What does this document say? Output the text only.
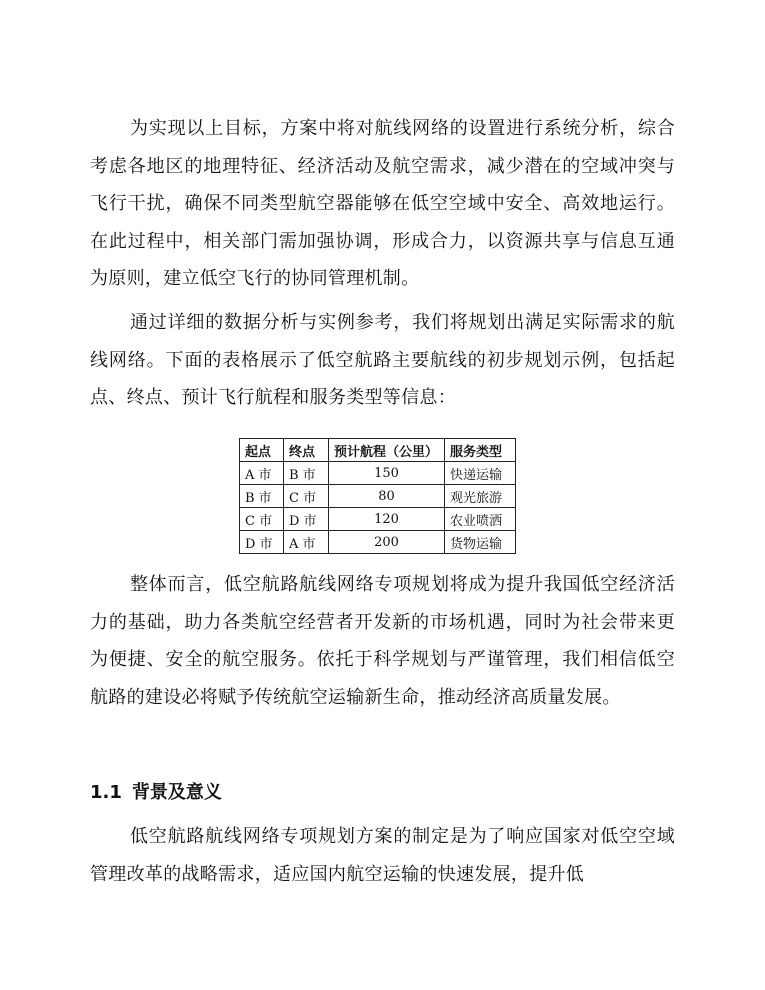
为实现以上目标，方案中将对航线网络的设置进行系统分析，综合考虑各地区的地理特征、经济活动及航空需求，减少潜在的空域冲突与飞行干扰，确保不同类型航空器能够在低空空域中安全、高效地运行。在此过程中，相关部门需加强协调，形成合力，以资源共享与信息互通为原则，建立低空飞行的协同管理机制。

通过详细的数据分析与实例参考，我们将规划出满足实际需求的航线网络。下面的表格展示了低空航路主要航线的初步规划示例，包括起点、终点、预计飞行航程和服务类型等信息：

起点	终点	预计航程（公里）	服务类型
A 市	B 市	150	快递运输
B 市	C 市	80	观光旅游
C 市	D 市	120	农业喷洒
D 市	A 市	200	货物运输

整体而言，低空航路航线网络专项规划将成为提升我国低空经济活力的基础，助力各类航空经营者开发新的市场机遇，同时为社会带来更为便捷、安全的航空服务。依托于科学规划与严谨管理，我们相信低空航路的建设必将赋予传统航空运输新生命，推动经济高质量发展。

1.1 背景及意义

低空航路航线网络专项规划方案的制定是为了响应国家对低空空域管理改革的战略需求，适应国内航空运输的快速发展，提升低
